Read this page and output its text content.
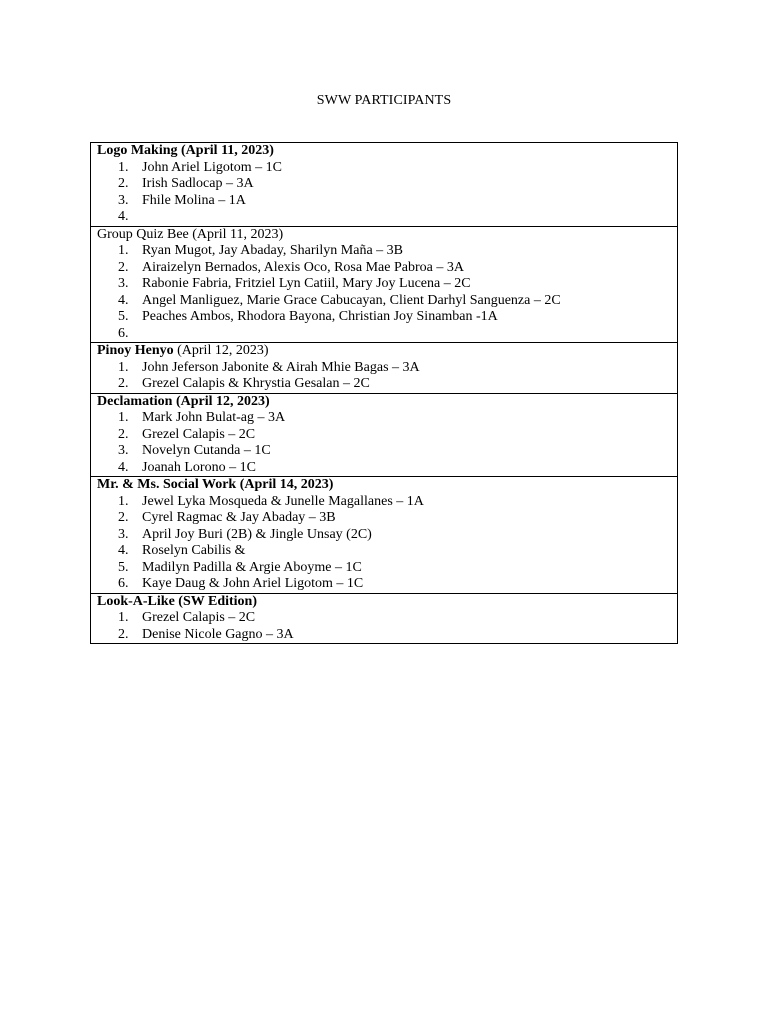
SWW PARTICIPANTS
Logo Making (April 11, 2023)
1. John Ariel Ligotom – 1C
2. Irish Sadlocap – 3A
3. Fhile Molina – 1A
4.

Group Quiz Bee (April 11, 2023)
1. Ryan Mugot, Jay Abaday, Sharilyn Maña – 3B
2. Airaizelyn Bernados, Alexis Oco, Rosa Mae Pabroa – 3A
3. Rabonie Fabria, Fritziel Lyn Catiil, Mary Joy Lucena – 2C
4. Angel Manliguez, Marie Grace Cabucayan, Client Darhyl Sanguenza – 2C
5. Peaches Ambos, Rhodora Bayona, Christian Joy Sinamban -1A
6.

Pinoy Henyo (April 12, 2023)
1. John Jeferson Jabonite & Airah Mhie Bagas – 3A
2. Grezel Calapis & Khrystia Gesalan – 2C

Declamation (April 12, 2023)
1. Mark John Bulat-ag – 3A
2. Grezel Calapis – 2C
3. Novelyn Cutanda – 1C
4. Joanah Lorono – 1C

Mr. & Ms. Social Work (April 14, 2023)
1. Jewel Lyka Mosqueda & Junelle Magallanes – 1A
2. Cyrel Ragmac & Jay Abaday – 3B
3. April Joy Buri (2B) & Jingle Unsay (2C)
4. Roselyn Cabilis &
5. Madilyn Padilla & Argie Aboyme – 1C
6. Kaye Daug & John Ariel Ligotom – 1C

Look-A-Like (SW Edition)
1. Grezel Calapis – 2C
2. Denise Nicole Gagno – 3A
